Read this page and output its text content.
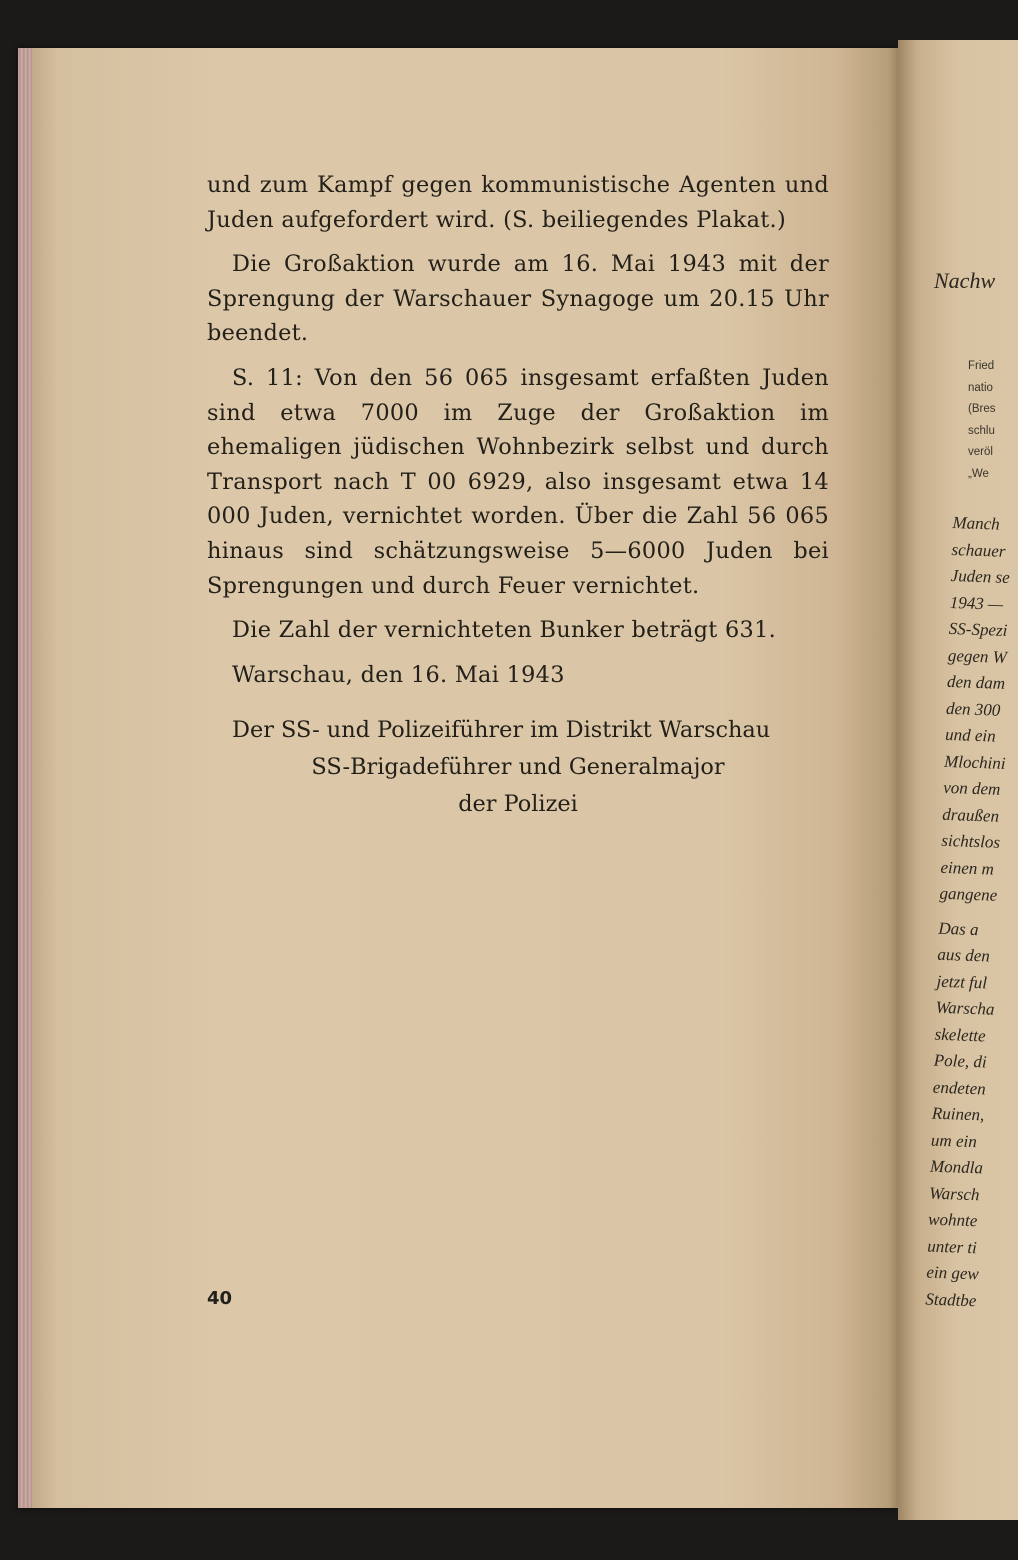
und zum Kampf gegen kommunistische Agenten und Juden aufgefordert wird. (S. beiliegendes Plakat.)

Die Großaktion wurde am 16. Mai 1943 mit der Sprengung der Warschauer Synagoge um 20.15 Uhr beendet.

S. 11: Von den 56 065 insgesamt erfaßten Juden sind etwa 7000 im Zuge der Großaktion im ehemaligen jüdischen Wohnbezirk selbst und durch Transport nach T 00 6929, also insgesamt etwa 14 000 Juden, vernichtet worden. Über die Zahl 56 065 hinaus sind schätzungsweise 5—6000 Juden bei Sprengungen und durch Feuer vernichtet.

Die Zahl der vernichteten Bunker beträgt 631.

Warschau, den 16. Mai 1943

Der SS- und Polizeiführer im Distrikt Warschau
SS-Brigadeführer und Generalmajor
der Polizei
40
Nachw
Fried
natio
(Bres
schlu
veröl
„We
Manch
schauer
Juden se
1943 —
SS-Spezi
gegen W
den dam
den 300
und ein
Mlochini
von dem
draußen
sichtslos
einen m
gangene
Das a
aus den
jetzt ful
Warscha
skelette
Pole, di
endeten
Ruinen,
um ein
Mondla
Warsch
wohnte
unter ti
ein gew
Stadtbe
